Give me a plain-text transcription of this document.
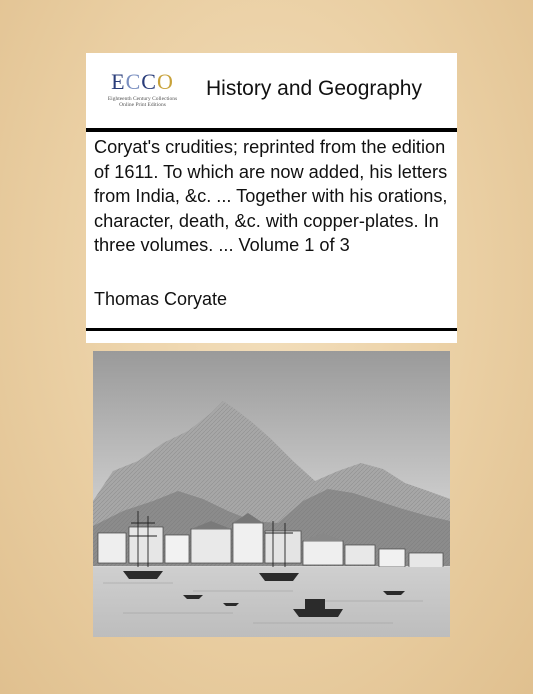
ECCO
Eighteenth Century Collections Online Print Editions
History and Geography
Coryat's crudities; reprinted from the edition of 1611. To which are now added, his letters from India, &c. ... Together with his orations, character, death, &c. with copper-plates. In three volumes. ... Volume 1 of 3
Thomas Coryate
